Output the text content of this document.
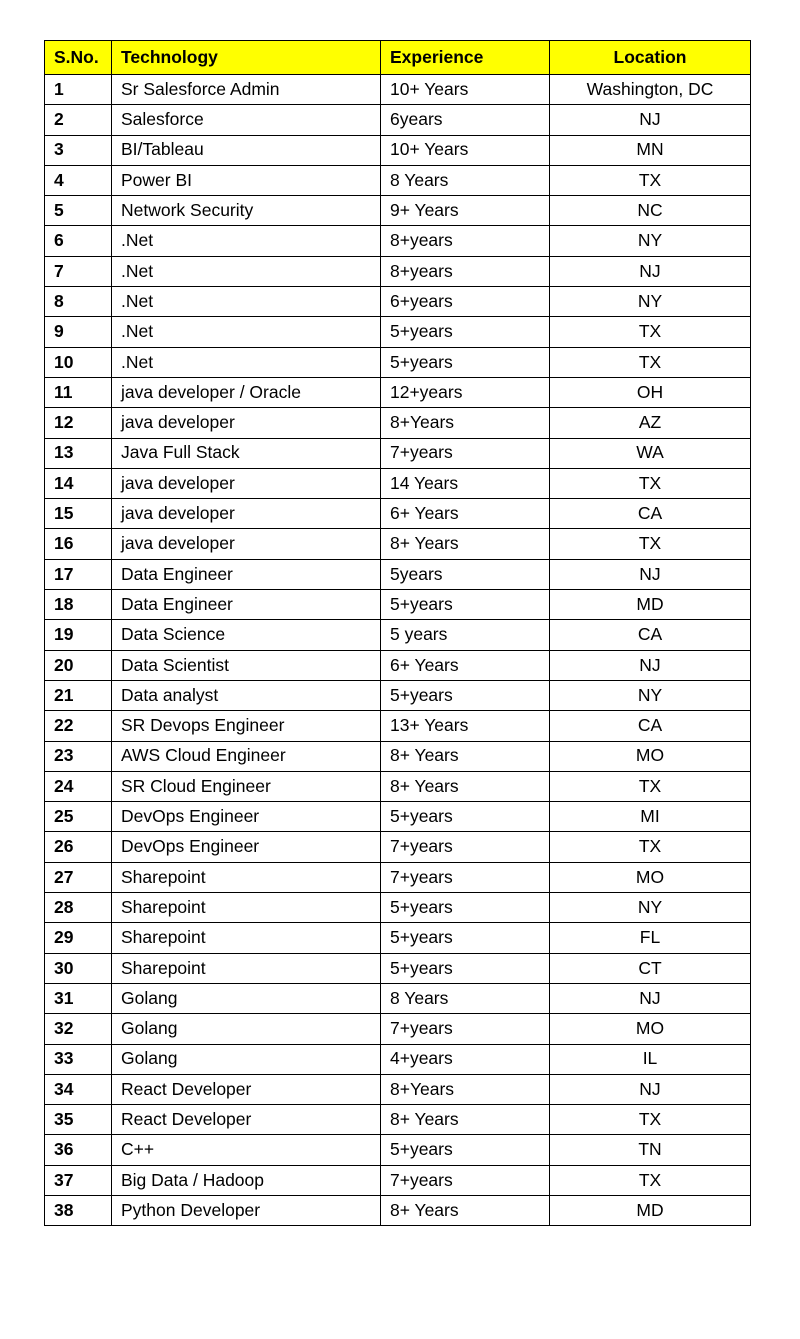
S.No.	Technology	Experience	Location
1	Sr Salesforce Admin	10+ Years	Washington, DC
2	Salesforce	6years	NJ
3	BI/Tableau	10+ Years	MN
4	Power BI	8 Years	TX
5	Network Security	9+ Years	NC
6	.Net	8+years	NY
7	.Net	8+years	NJ
8	.Net	6+years	NY
9	.Net	5+years	TX
10	.Net	5+years	TX
11	java developer / Oracle	12+years	OH
12	java developer	8+Years	AZ
13	Java Full Stack	7+years	WA
14	java developer	14 Years	TX
15	java developer	6+ Years	CA
16	java developer	8+ Years	TX
17	Data Engineer	5years	NJ
18	Data Engineer	5+years	MD
19	Data Science	5 years	CA
20	Data Scientist	6+ Years	NJ
21	Data analyst	5+years	NY
22	SR Devops Engineer	13+ Years	CA
23	AWS Cloud Engineer	8+ Years	MO
24	SR Cloud Engineer	8+ Years	TX
25	DevOps Engineer	5+years	MI
26	DevOps Engineer	7+years	TX
27	Sharepoint	7+years	MO
28	Sharepoint	5+years	NY
29	Sharepoint	5+years	FL
30	Sharepoint	5+years	CT
31	Golang	8 Years	NJ
32	Golang	7+years	MO
33	Golang	4+years	IL
34	React Developer	8+Years	NJ
35	React Developer	8+ Years	TX
36	C++	5+years	TN
37	Big Data / Hadoop	7+years	TX
38	Python Developer	8+ Years	MD
